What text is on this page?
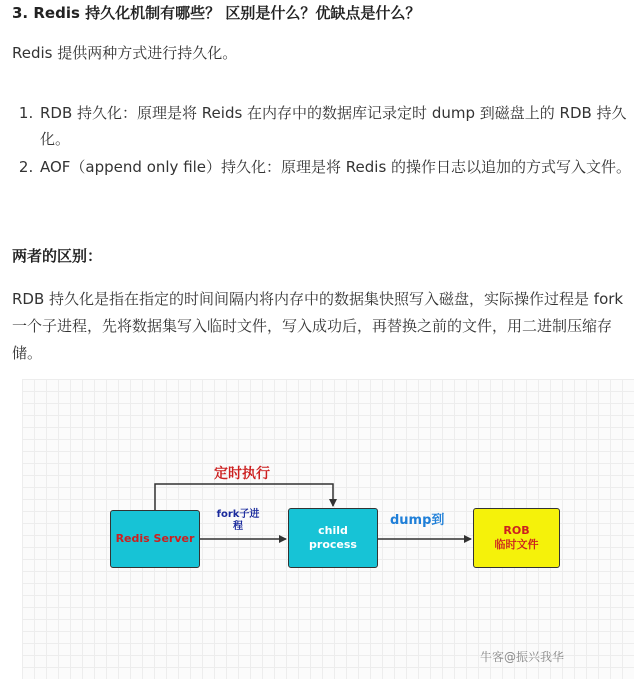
3. Redis 持久化机制有哪些？ 区别是什么？优缺点是什么？
Redis 提供两种方式进行持久化。
1. RDB 持久化：原理是将 Reids 在内存中的数据库记录定时 dump 到磁盘上的 RDB 持久化。
2. AOF（append only file）持久化：原理是将 Redis 的操作日志以追加的方式写入文件。
两者的区别：
RDB 持久化是指在指定的时间间隔内将内存中的数据集快照写入磁盘，实际操作过程是 fork 一个子进程，先将数据集写入临时文件，写入成功后，再替换之前的文件，用二进制压缩存储。
定时执行
fork子进程	dump到
Redis Server
child
process
ROB
临时文件
牛客@振兴我华
